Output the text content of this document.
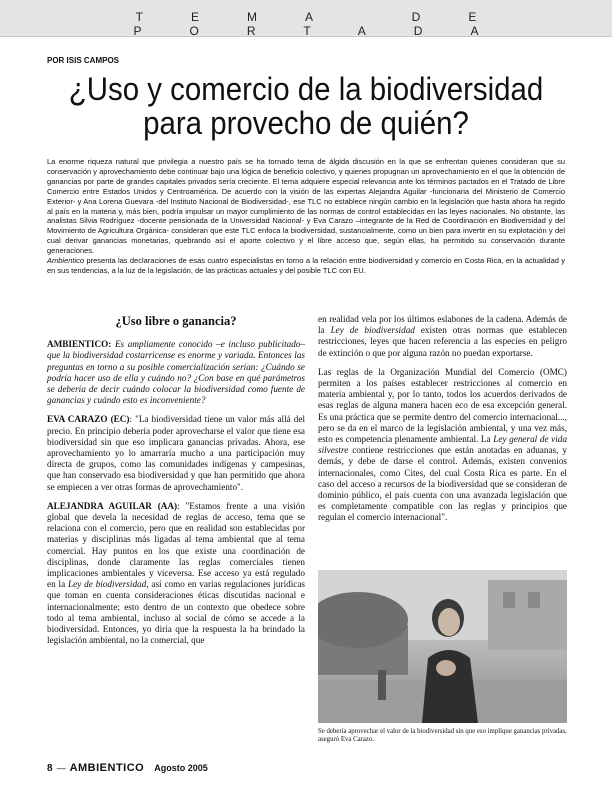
TEMA DE PORTADA
POR ISIS CAMPOS
¿Uso y comercio de la biodiversidad
para provecho de quién?
La enorme riqueza natural que privilegia a nuestro país se ha tornado tema de álgida discusión en la que se enfrentan quienes consideran que su conservación y aprovechamiento debe continuar bajo una lógica de beneficio colectivo, y quienes propugnan un aprovechamiento en el que la obtención de ganancias por parte de grandes capitales privados sería creciente. El tema adquiere especial relevancia ante los términos pactados en el Tratado de Libre Comercio entre Estados Unidos y Centroamérica. De acuerdo con la visión de las expertas Alejandra Aguilar -funcionaria del Ministerio de Comercio Exterior- y Ana Lorena Guevara -del Instituto Nacional de Biodiversidad-, ese TLC no establece ningún cambio en la legislación que hasta ahora ha regido al país en la materia y, más bien, podría impulsar un mayor cumplimiento de las normas de control establecidas en las leyes nacionales. No obstante, las analistas Silvia Rodríguez -docente pensionada de la Universidad Nacional- y Eva Carazo –integrante de la Red de Coordinación en Biodiversidad y del Movimiento de Agricultura Orgánica- consideran que este TLC enfoca la biodiversidad, sustancialmente, como un bien para invertir en su explotación y del cual derivar ganancias monetarias, quebrando así el aporte colectivo y el libre acceso que, según ellas, ha permitido su conservación durante generaciones.
Ambientico presenta las declaraciones de esas cuatro especialistas en torno a la relación entre biodiversidad y comercio en Costa Rica, en la actualidad y en sus tendencias, a la luz de la legislación, de las prácticas actuales y del posible TLC con EU.
¿Uso libre o ganancia?

AMBIENTICO: Es ampliamente conocido –e incluso publicitado– que la biodiversidad costarricense es enorme y variada. Entonces las preguntas en torno a su posible comercialización serían: ¿Cuándo se podría hacer uso de ella y cuándo no? ¿Con base en qué parámetros se debería de decir cuándo colocar la biodiversidad como fuente de ganancias y cuándo esto es inconveniente?

EVA CARAZO (EC): "La biodiversidad tiene un valor más allá del precio. En principio debería poder aprovecharse el valor que tiene esa biodiversidad sin que eso implicara ganancias privadas. Ahora, ese aprovechamiento yo lo amarraría mucho a una participación muy directa de grupos, como las comunidades indígenas y campesinas, que han conservado esa biodiversidad y que han permitido que ahora se empiecen a ver otras formas de aprovechamiento".

ALEJANDRA AGUILAR (AA): "Estamos frente a una visión global que devela la necesidad de reglas de acceso, tema que se relaciona con el comercio, pero que en realidad son establecidas por materias y disciplinas más ligadas al tema ambiental que al tema comercial. Hay puntos en los que existe una coordinación de disciplinas, donde claramente las reglas comerciales tienen implicaciones ambientales y viceversa. Ese acceso ya está regulado en la Ley de biodiversidad, así como en varias regulaciones jurídicas que toman en cuenta consideraciones éticas discutidas nacional e internacionalmente; esto dentro de un contexto que obedece sobre todo al tema ambiental, incluso al social de cómo se accede a la biodiversidad. Entonces, yo diría que la respuesta la ha brindado la legislación ambiental, no la comercial, que

en realidad vela por los últimos eslabones de la cadena. Además de la Ley de biodiversidad existen otras normas que establecen restricciones, leyes que hacen referencia a las especies en peligro de extinción o que por alguna razón no puedan exportarse.

Las reglas de la Organización Mundial del Comercio (OMC) permiten a los países establecer restricciones al comercio en materia ambiental y, por lo tanto, todos los acuerdos derivados de esas reglas de alguna manera hacen eco de esa excepción general. Es una práctica que se permite dentro del comercio internacional..., pero se da en el marco de la legislación ambiental, y una vez más, esto es competencia plenamente ambiental. La Ley general de vida silvestre contiene restricciones que están anotadas en aduanas, y demás, y debe de darse el control. Además, existen convenios internacionales, como Cites, del cual Costa Rica es parte. En el caso del acceso a recursos de la biodiversidad que se consideran de dominio público, el país cuenta con una avanzada legislación que es completamente compatible con las reglas y principios que regulan el comercio internacional".

Se debería aprovechar el valor de la biodiversidad sin que eso implique ganancias privadas, aseguró Eva Carazo.
8 — AMBIENTICO Agosto 2005
